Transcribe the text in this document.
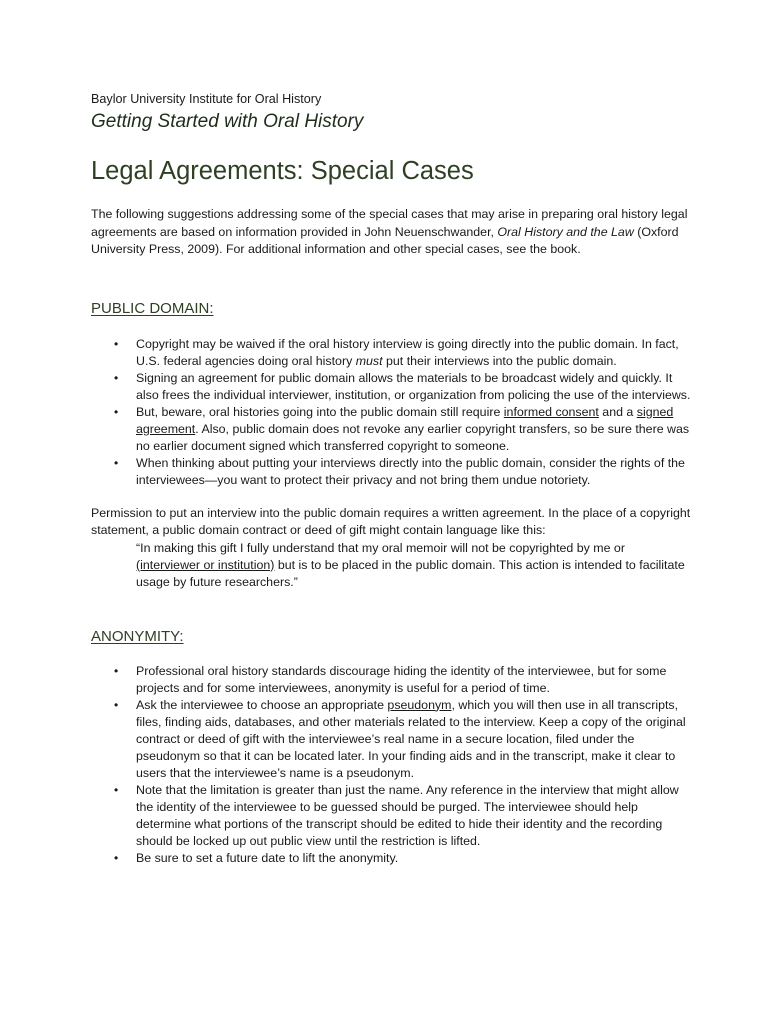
Baylor University Institute for Oral History

Getting Started with Oral History

Legal Agreements: Special Cases

The following suggestions addressing some of the special cases that may arise in preparing oral history legal agreements are based on information provided in John Neuenschwander, Oral History and the Law (Oxford University Press, 2009). For additional information and other special cases, see the book.

PUBLIC DOMAIN:
• Copyright may be waived if the oral history interview is going directly into the public domain. In fact, U.S. federal agencies doing oral history must put their interviews into the public domain.
• Signing an agreement for public domain allows the materials to be broadcast widely and quickly. It also frees the individual interviewer, institution, or organization from policing the use of the interviews.
• But, beware, oral histories going into the public domain still require informed consent and a signed agreement. Also, public domain does not revoke any earlier copyright transfers, so be sure there was no earlier document signed which transferred copyright to someone.
• When thinking about putting your interviews directly into the public domain, consider the rights of the interviewees—you want to protect their privacy and not bring them undue notoriety.

Permission to put an interview into the public domain requires a written agreement. In the place of a copyright statement, a public domain contract or deed of gift might contain language like this:

“In making this gift I fully understand that my oral memoir will not be copyrighted by me or (interviewer or institution) but is to be placed in the public domain. This action is intended to facilitate usage by future researchers.”

ANONYMITY:
• Professional oral history standards discourage hiding the identity of the interviewee, but for some projects and for some interviewees, anonymity is useful for a period of time.
• Ask the interviewee to choose an appropriate pseudonym, which you will then use in all transcripts, files, finding aids, databases, and other materials related to the interview. Keep a copy of the original contract or deed of gift with the interviewee’s real name in a secure location, filed under the pseudonym so that it can be located later. In your finding aids and in the transcript, make it clear to users that the interviewee’s name is a pseudonym.
• Note that the limitation is greater than just the name. Any reference in the interview that might allow the identity of the interviewee to be guessed should be purged. The interviewee should help determine what portions of the transcript should be edited to hide their identity and the recording should be locked up out public view until the restriction is lifted.
• Be sure to set a future date to lift the anonymity.
